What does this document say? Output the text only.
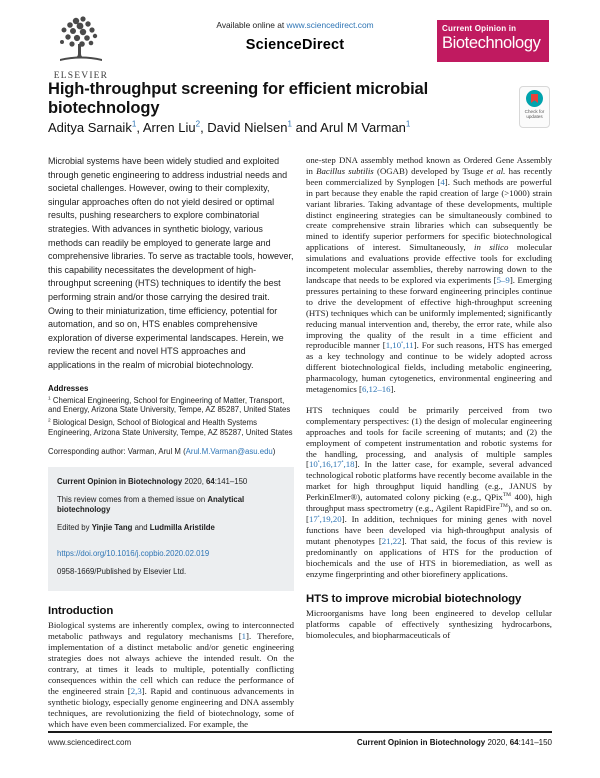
ELSEVIER
Available online at www.sciencedirect.com
ScienceDirect
Current Opinion in
Biotechnology
Check for
updates
High-throughput screening for efficient microbial biotechnology
Aditya Sarnaik$^1$, Arren Liu$^2$, David Nielsen$^1$ and Arul M Varman$^1$
Microbial systems have been widely studied and exploited through genetic engineering to address industrial needs and societal challenges. However, owing to their complexity, singular approaches often do not yield desired or optimal results, pushing researchers to explore combinatorial strategies. With advances in synthetic biology, various methods can readily be employed to generate large and comprehensive libraries. To serve as tractable tools, however, this capability necessitates the development of high-throughput screening (HTS) techniques to identify the best performing strain and/or those carrying the desired trait. Owing to their miniaturization, time efficiency, potential for automation, and so on, HTS enables comprehensive exploration of diverse experimental landscapes. Herein, we review the recent and novel HTS approaches and applications in the realm of microbial biotechnology.
Addresses
$^1$ Chemical Engineering, School for Engineering of Matter, Transport, and Energy, Arizona State University, Tempe, AZ 85287, United States
$^2$ Biological Design, School of Biological and Health Systems Engineering, Arizona State University, Tempe, AZ 85287, United States
Corresponding author: Varman, Arul M (Arul.M.Varman@asu.edu)
Current Opinion in Biotechnology 2020, 64:141–150
This review comes from a themed issue on Analytical biotechnology
Edited by Yinjie Tang and Ludmilla Aristilde
https://doi.org/10.1016/j.copbio.2020.02.019
0958-1669/Published by Elsevier Ltd.
Introduction

Biological systems are inherently complex, owing to interconnected metabolic pathways and regulatory mechanisms [1]. Therefore, implementation of a distinct metabolic and/or genetic engineering strategies does not always achieve the intended result. On the contrary, at times it leads to multiple, potentially conflicting consequences within the cell which can reduce the performance of the engineered strain [2,3]. Rapid and continuous advancements in synthetic biology, especially genome engineering and DNA assembly techniques, are revolutionizing the field of biotechnology, some of which have even been commercialized. For example, the

one-step DNA assembly method known as Ordered Gene Assembly in Bacillus subtilis (OGAB) developed by Tsuge et al. has recently been commercialized by Synplogen [4]. Such methods are powerful in part because they enable the rapid creation of large (>1000) strain variant libraries. Taking advantage of these developments, multiple distinct engineering strategies can be simultaneously combined to create comprehensive strain libraries which can subsequently be mined to identify superior performers for specific biotechnological applications of interest. Simultaneously, in silico molecular simulations and evaluations provide effective tools for excluding incompetent molecular assemblies, thereby narrowing down to the landscape that needs to be explored via experiments [5–9]. Emerging pressures pertaining to these forward engineering principles continue to drive the development of effective high-throughput screening (HTS) techniques which can be uniformly implemented; significantly reducing manual intervention and, thereby, the error rate, while also improving the quality of the result in a time efficient and reproducible manner [1,10•,11]. For such reasons, HTS has emerged as a key technology and continue to be widely adopted across different biotechnological fields, including metabolic engineering, pharmacology, human cytogenetics, environmental engineering and metagenomics [6,12–16].

HTS techniques could be primarily perceived from two complementary perspectives: (1) the design of molecular engineering approaches and tools for facile screening of mutants; and (2) the employment of competent instrumentation and robotic systems for the handling, processing, and analysis of multiple samples [10•,16,17•,18]. In the latter case, for example, several advanced technological robotic platforms have recently become available in the market for high throughput liquid handling (e.g., JANUS by PerkinElmer®), automated colony picking (e.g., QPix™ 400), high throughput mass spectrometry (e.g., Agilent RapidFire™), and so on. [17•,19,20]. In addition, techniques for mining genes with novel functions have been developed via high-throughput analysis of mutant phenotypes [21,22]. That said, the focus of this review is predominantly on applications of HTS for the production of biochemicals and the use of HTS in bioremediation, as well as enzyme fingerprinting and other biorefinery applications.

HTS to improve microbial biotechnology

Microorganisms have long been engineered to develop cellular platforms capable of effectively synthesizing hydrocarbons, biomolecules, and biopharmaceuticals of

www.sciencedirect.com	Current Opinion in Biotechnology 2020, 64:141–150
